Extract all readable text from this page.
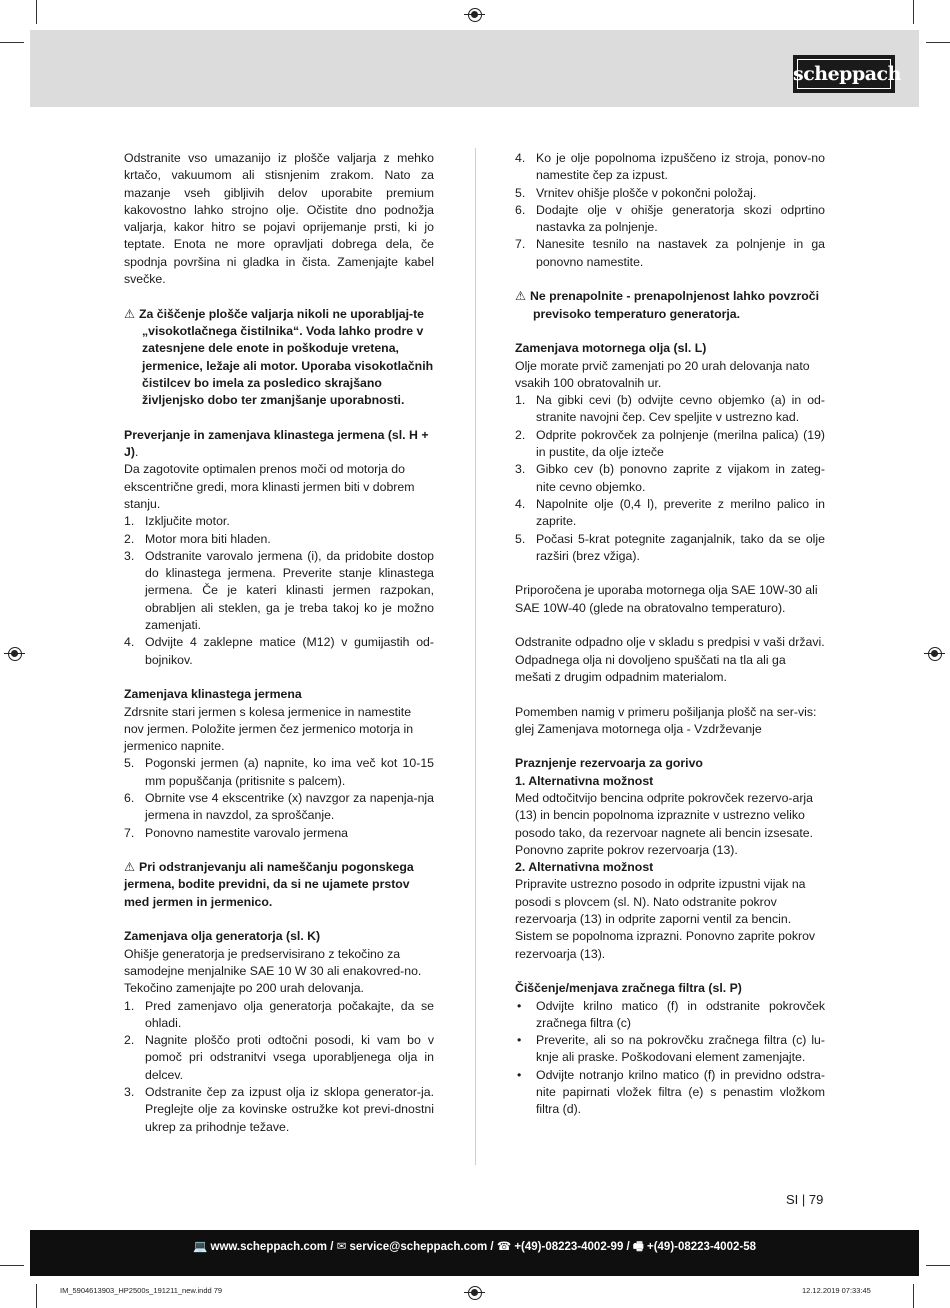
scheppach

Odstranite vso umazanijo iz plošče valjarja z mehko krtačo, vakuumom ali stisnjenim zrakom. Nato za mazanje vseh gibljivih delov uporabite premium kakovostno lahko strojno olje. Očistite dno podnožja valjarja, kakor hitro se pojavi oprijemanje prsti, ki jo teptate. Enota ne more opravljati dobrega dela, če spodnja površina ni gladka in čista. Zamenjajte kabel svečke.

⚠ Za čiščenje plošče valjarja nikoli ne uporabljaj-te „visokotlačnega čistilnika“. Voda lahko prodre v zatesnjene dele enote in poškoduje vretena, jermenice, ležaje ali motor. Uporaba visokotlačnih čistilcev bo imela za posledico skrajšano življenjsko dobo ter zmanjšanje uporabnosti.

Preverjanje in zamenjava klinastega jermena (sl. H + J).

Da zagotovite optimalen prenos moči od motorja do ekscentrične gredi, mora klinasti jermen biti v dobrem stanju.

1. Izključite motor.
2. Motor mora biti hladen.
3. Odstranite varovalo jermena (i), da pridobite dostop do klinastega jermena. Preverite stanje klinastega jermena. Če je kateri klinasti jermen razpokan, obrabljen ali steklen, ga je treba takoj ko je možno zamenjati.
4. Odvijte 4 zaklepne matice (M12) v gumijastih od-bojnikov.

Zamenjava klinastega jermena

Zdrsnite stari jermen s kolesa jermenice in namestite nov jermen. Položite jermen čez jermenico motorja in jermenico napnite.

5. Pogonski jermen (a) napnite, ko ima več kot 10-15 mm popuščanja (pritisnite s palcem).
6. Obrnite vse 4 ekscentrike (x) navzgor za napenja-nja jermena in navzdol, za sproščanje.
7. Ponovno namestite varovalo jermena

⚠ Pri odstranjevanju ali nameščanju pogonskega jermena, bodite previdni, da si ne ujamete prstov med jermen in jermenico.

Zamenjava olja generatorja (sl. K)

Ohišje generatorja je predservisirano z tekočino za samodejne menjalnike SAE 10 W 30 ali enakovred-no. Tekočino zamenjajte po 200 urah delovanja.

1. Pred zamenjavo olja generatorja počakajte, da se ohladi.
2. Nagnite ploščo proti odtočni posodi, ki vam bo v pomoč pri odstranitvi vsega uporabljenega olja in delcev.
3. Odstranite čep za izpust olja iz sklopa generator-ja. Preglejte olje za kovinske ostružke kot previ-dnostni ukrep za prihodnje težave.
4. Ko je olje popolnoma izpuščeno iz stroja, ponov-no namestite čep za izpust.
5. Vrnitev ohišje plošče v pokončni položaj.
6. Dodajte olje v ohišje generatorja skozi odprtino nastavka za polnjenje.
7. Nanesite tesnilo na nastavek za polnjenje in ga ponovno namestite.

⚠ Ne prenapolnite - prenapolnjenost lahko povzroči previsoko temperaturo generatorja.

Zamenjava motornega olja (sl. L)

Olje morate prvič zamenjati po 20 urah delovanja nato vsakih 100 obratovalnih ur.

1. Na gibki cevi (b) odvijte cevno objemko (a) in od-stranite navojni čep. Cev speljite v ustrezno kad.
2. Odprite pokrovček za polnjenje (merilna palica) (19) in pustite, da olje izteče
3. Gibko cev (b) ponovno zaprite z vijakom in zateg-nite cevno objemko.
4. Napolnite olje (0,4 l), preverite z merilno palico in zaprite.
5. Počasi 5-krat potegnite zaganjalnik, tako da se olje razširi (brez vžiga).

Priporočena je uporaba motornega olja SAE 10W-30 ali SAE 10W-40 (glede na obratovalno temperaturo).

Odstranite odpadno olje v skladu s predpisi v vaši državi. Odpadnega olja ni dovoljeno spuščati na tla ali ga mešati z drugim odpadnim materialom.

Pomemben namig v primeru pošiljanja plošč na ser-vis: glej Zamenjava motornega olja - Vzdrževanje

Praznjenje rezervoarja za gorivo

1. Alternativna možnost

Med odtočitvijo bencina odprite pokrovček rezervo-arja (13) in bencin popolnoma izpraznite v ustrezno veliko posodo tako, da rezervoar nagnete ali bencin izsesate. Ponovno zaprite pokrov rezervoarja (13).

2. Alternativna možnost

Pripravite ustrezno posodo in odprite izpustni vijak na posodi s plovcem (sl. N). Nato odstranite pokrov rezervoarja (13) in odprite zaporni ventil za bencin. Sistem se popolnoma izprazni. Ponovno zaprite pokrov rezervoarja (13).

Čiščenje/menjava zračnega filtra (sl. P)

• Odvijte krilno matico (f) in odstranite pokrovček zračnega filtra (c)
• Preverite, ali so na pokrovčku zračnega filtra (c) lu-knje ali praske. Poškodovani element zamenjajte.
• Odvijte notranjo krilno matico (f) in previdno odstra-nite papirnati vložek filtra (e) s penastim vložkom filtra (d).
SI | 79
💻 www.scheppach.com / ✉ service@scheppach.com / ☎ +(49)-08223-4002-99 / 🖷 +(49)-08223-4002-58
IM_5904613903_HP2500s_191211_new.indd 79	12.12.2019 07:33:45
